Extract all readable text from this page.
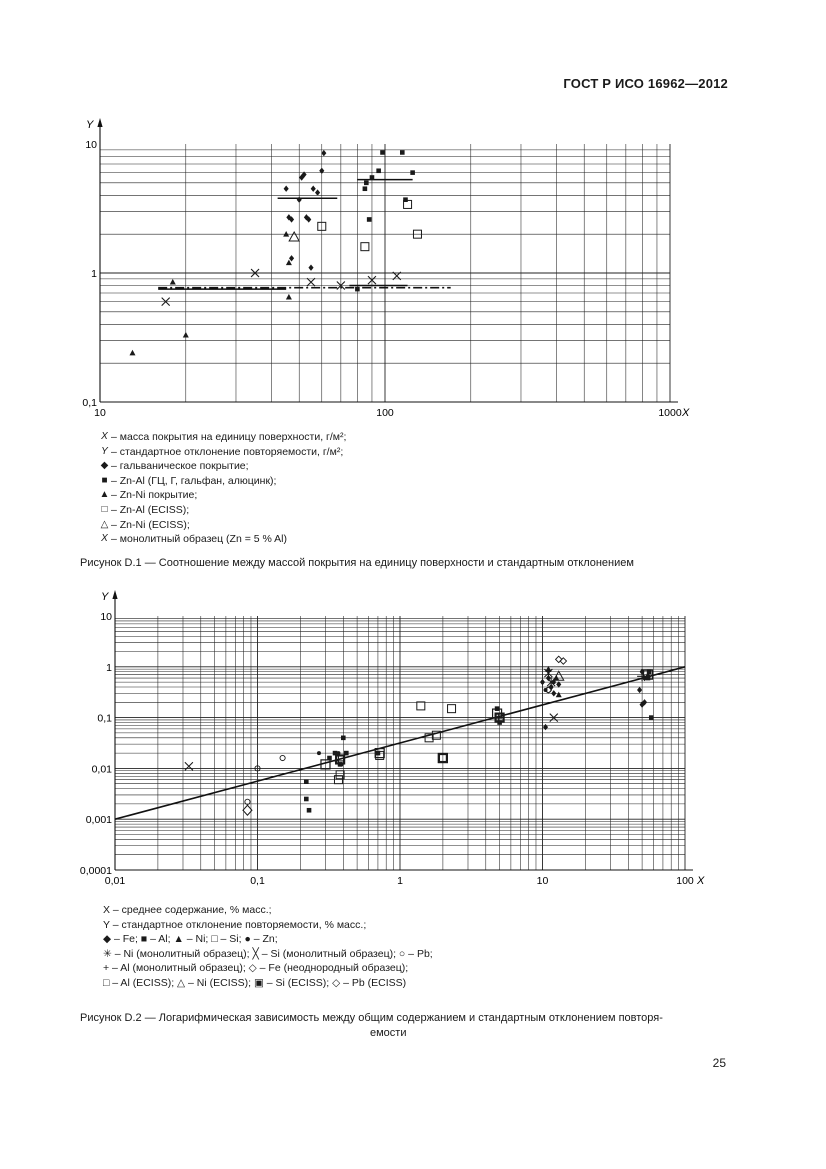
ГОСТ Р ИСО 16962—2012
Y
X
10	100	1000
0,1
1
10
X – масса покрытия на единицу поверхности, г/м²;
Y – стандартное отклонение повторяемости, г/м²;
◆ – гальваническое покрытие;
■ – Zn-Al (ГЦ, Г, гальфан, алюцинк);
▲ – Zn-Ni покрытие;
□ – Zn-Al (ECISS);
△ – Zn-Ni (ECISS);
X – монолитный образец (Zn = 5 % Al)
Рисунок D.1 — Соотношение между массой покрытия на единицу поверхности и стандартным отклонением
Y
X
0,01	0,1	1	10	100
0,0001
0,001
0,01
0,1
1
10
X – среднее содержание, % масс.;
Y – стандартное отклонение повторяемости, % масс.;
◆ – Fe; ■ – Al; ▲ – Ni; □ – Si; ● – Zn;
✳ – Ni (монолитный образец); ╳ – Si (монолитный образец); ○ – Pb;
+ – Al (монолитный образец); ◇ – Fe (неоднородный образец);
□ – Al (ECISS); △ – Ni (ECISS); ▣ – Si (ECISS); ◇ – Pb (ECISS)
Рисунок D.2 — Логарифмическая зависимость между общим содержанием и стандартным отклонением повторя-
емости
25
